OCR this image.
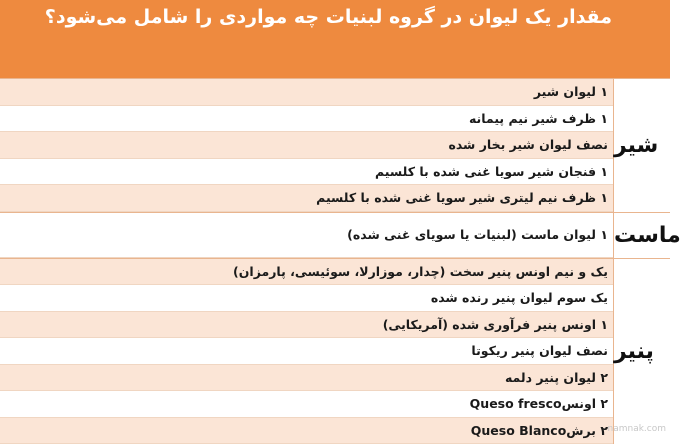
مقدار یک لیوان در گروه لبنیات چه مواردی را شامل می‌شود؟
شیر
۱ لیوان شیر
۱ ظرف شیر نیم پیمانه
نصف لیوان شیر بخار شده
۱ فنجان شیر سویا غنی شده با کلسیم
۱ ظرف نیم لیتری شیر سویا غنی شده با کلسیم
ماست
۱ لیوان ماست (لبنیات یا سویای غنی شده)
پنیر
یک و نیم اونس پنیر سخت (چدار، موزارلا، سوئیسی، پارمزان)
یک سوم لیوان پنیر رنده شده
۱ اونس پنیر فرآوری شده (آمریکایی)
نصف لیوان پنیر ریکوتا
۲ لیوان پنیر دلمه
۲ اونسQueso fresco
۲ برشQueso Blanco namnak.com
